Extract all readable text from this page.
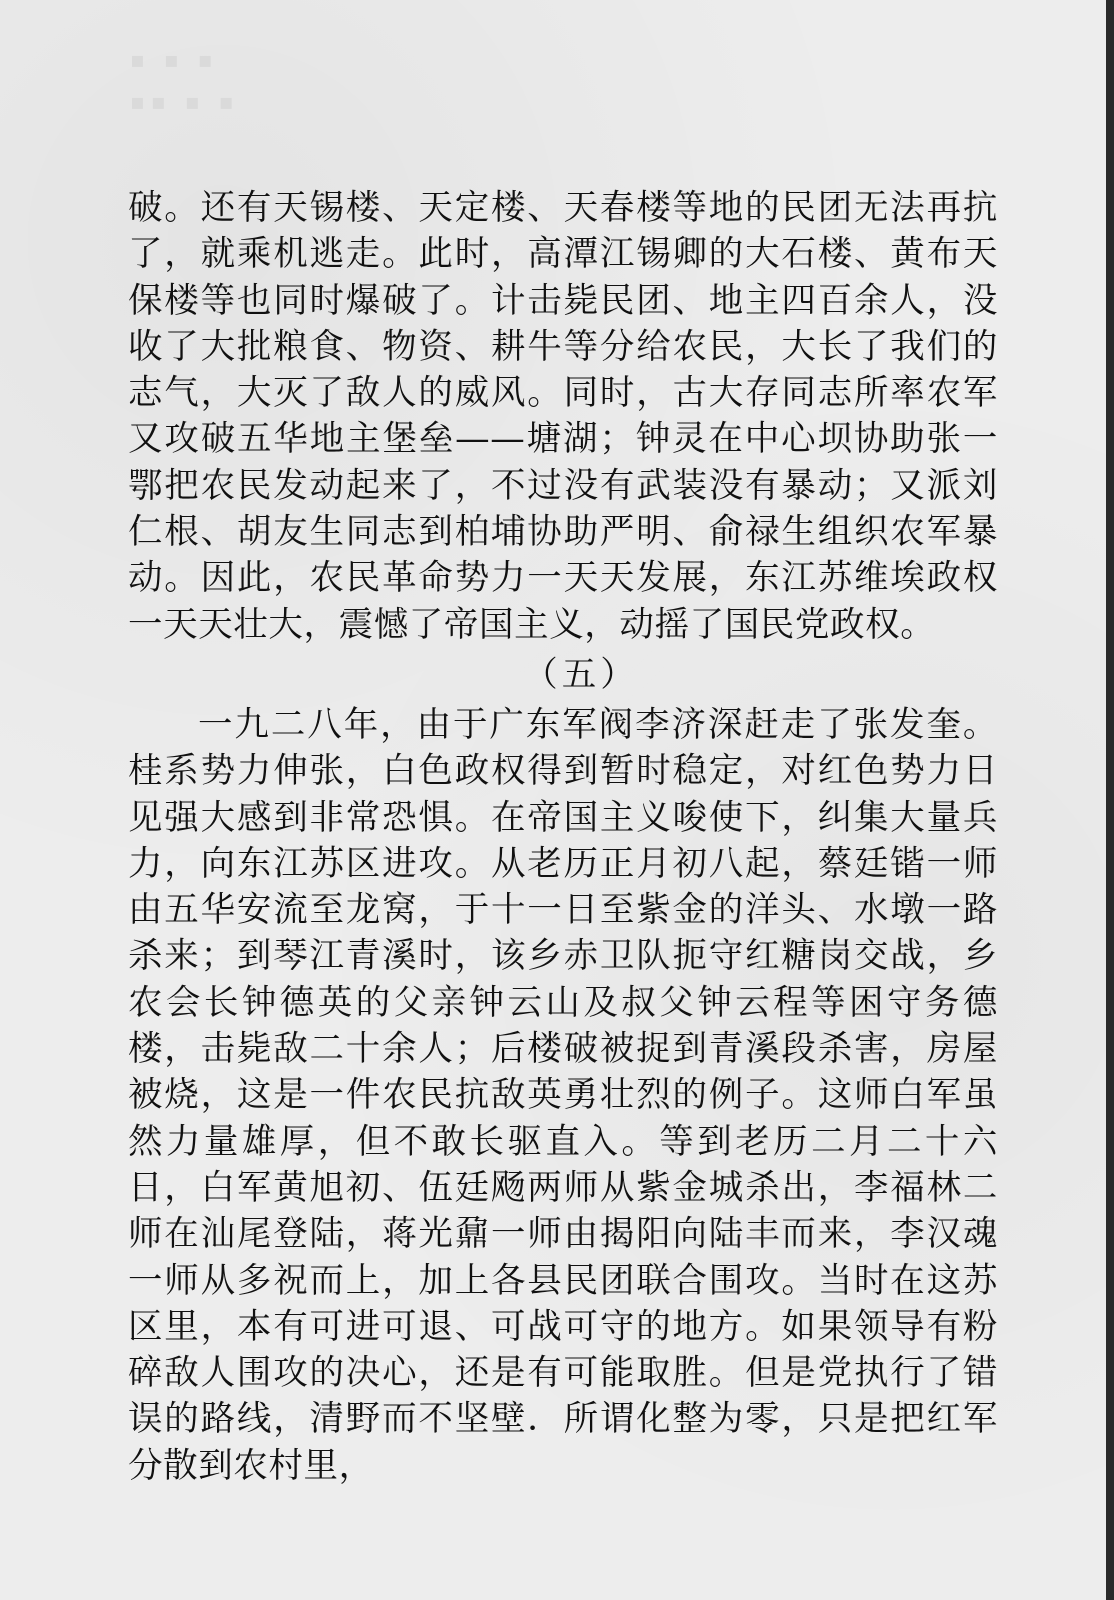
▪ ▪ ▪
▪▪ ▪ ▪

破。还有天锡楼、天定楼、天春楼等地的民团无法再抗了，就乘机逃走。此时，高潭江锡卿的大石楼、黄布天保楼等也同时爆破了。计击毙民团、地主四百余人，没收了大批粮食、物资、耕牛等分给农民，大长了我们的志气，大灭了敌人的威风。同时，古大存同志所率农军又攻破五华地主堡垒——塘湖；钟灵在中心坝协助张一鄂把农民发动起来了，不过没有武装没有暴动；又派刘仁根、胡友生同志到柏埔协助严明、俞禄生组织农军暴动。因此，农民革命势力一天天发展，东江苏维埃政权一天天壮大，震憾了帝国主义，动摇了国民党政权。

（五）

一九二八年，由于广东军阀李济深赶走了张发奎。桂系势力伸张，白色政权得到暂时稳定，对红色势力日见强大感到非常恐惧。在帝国主义唆使下，纠集大量兵力，向东江苏区进攻。从老历正月初八起，蔡廷锴一师由五华安流至龙窝，于十一日至紫金的洋头、水墩一路杀来；到琴江青溪时，该乡赤卫队扼守红糖岗交战，乡农会长钟德英的父亲钟云山及叔父钟云程等困守务德楼，击毙敌二十余人；后楼破被捉到青溪段杀害，房屋被烧，这是一件农民抗敌英勇壮烈的例子。这师白军虽然力量雄厚，但不敢长驱直入。等到老历二月二十六日，白军黄旭初、伍廷飏两师从紫金城杀出，李福林二师在汕尾登陆，蒋光鼐一师由揭阳向陆丰而来，李汉魂一师从多祝而上，加上各县民团联合围攻。当时在这苏区里，本有可进可退、可战可守的地方。如果领导有粉碎敌人围攻的决心，还是有可能取胜。但是党执行了错误的路线，清野而不坚壁．所谓化整为零，只是把红军分散到农村里，
